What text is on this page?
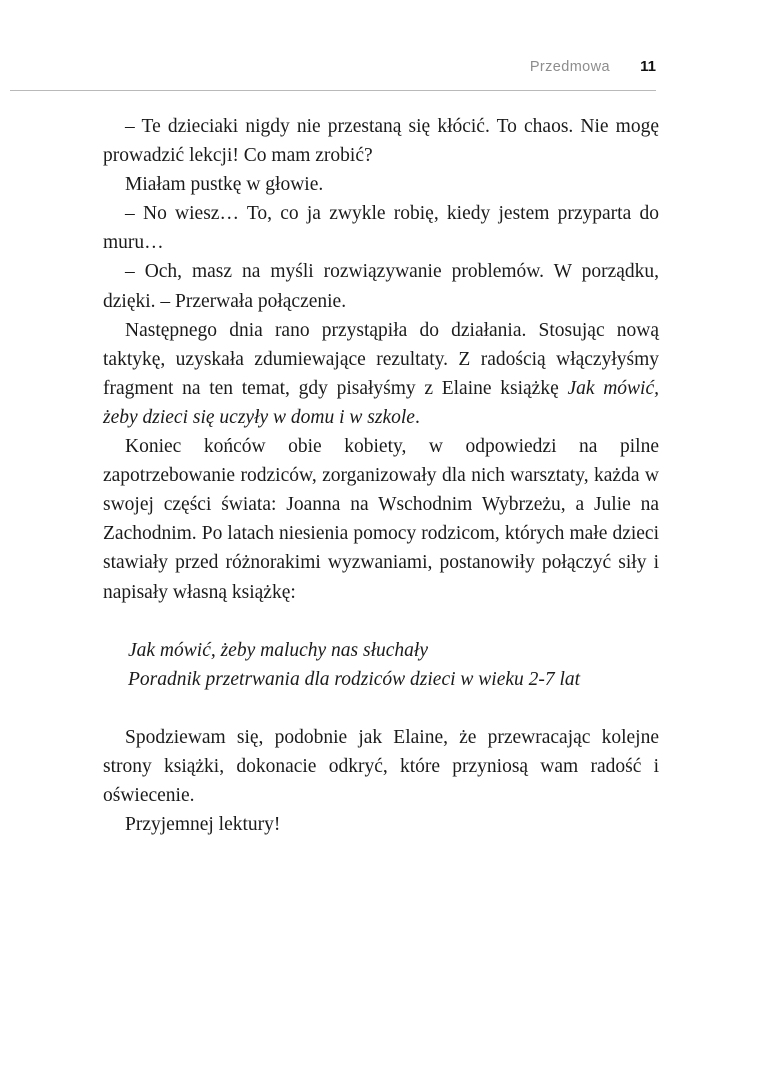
Przedmowa 11

– Te dzieciaki nigdy nie przestaną się kłócić. To chaos. Nie mogę prowadzić lekcji! Co mam zrobić?

Miałam pustkę w głowie.

– No wiesz… To, co ja zwykle robię, kiedy jestem przyparta do muru…

– Och, masz na myśli rozwiązywanie problemów. W porządku, dzięki. – Przerwała połączenie.

Następnego dnia rano przystąpiła do działania. Stosując nową taktykę, uzyskała zdumiewające rezultaty. Z radością włączyłyśmy fragment na ten temat, gdy pisałyśmy z Elaine książkę Jak mówić, żeby dzieci się uczyły w domu i w szkole.

Koniec końców obie kobiety, w odpowiedzi na pilne zapotrzebowanie rodziców, zorganizowały dla nich warsztaty, każda w swojej części świata: Joanna na Wschodnim Wybrzeżu, a Julie na Zachodnim. Po latach niesienia pomocy rodzicom, których małe dzieci stawiały przed różnorakimi wyzwaniami, postanowiły połączyć siły i napisały własną książkę:

Jak mówić, żeby maluchy nas słuchały
Poradnik przetrwania dla rodziców dzieci w wieku 2-7 lat

Spodziewam się, podobnie jak Elaine, że przewracając kolejne strony książki, dokonacie odkryć, które przyniosą wam radość i oświecenie.

Przyjemnej lektury!
